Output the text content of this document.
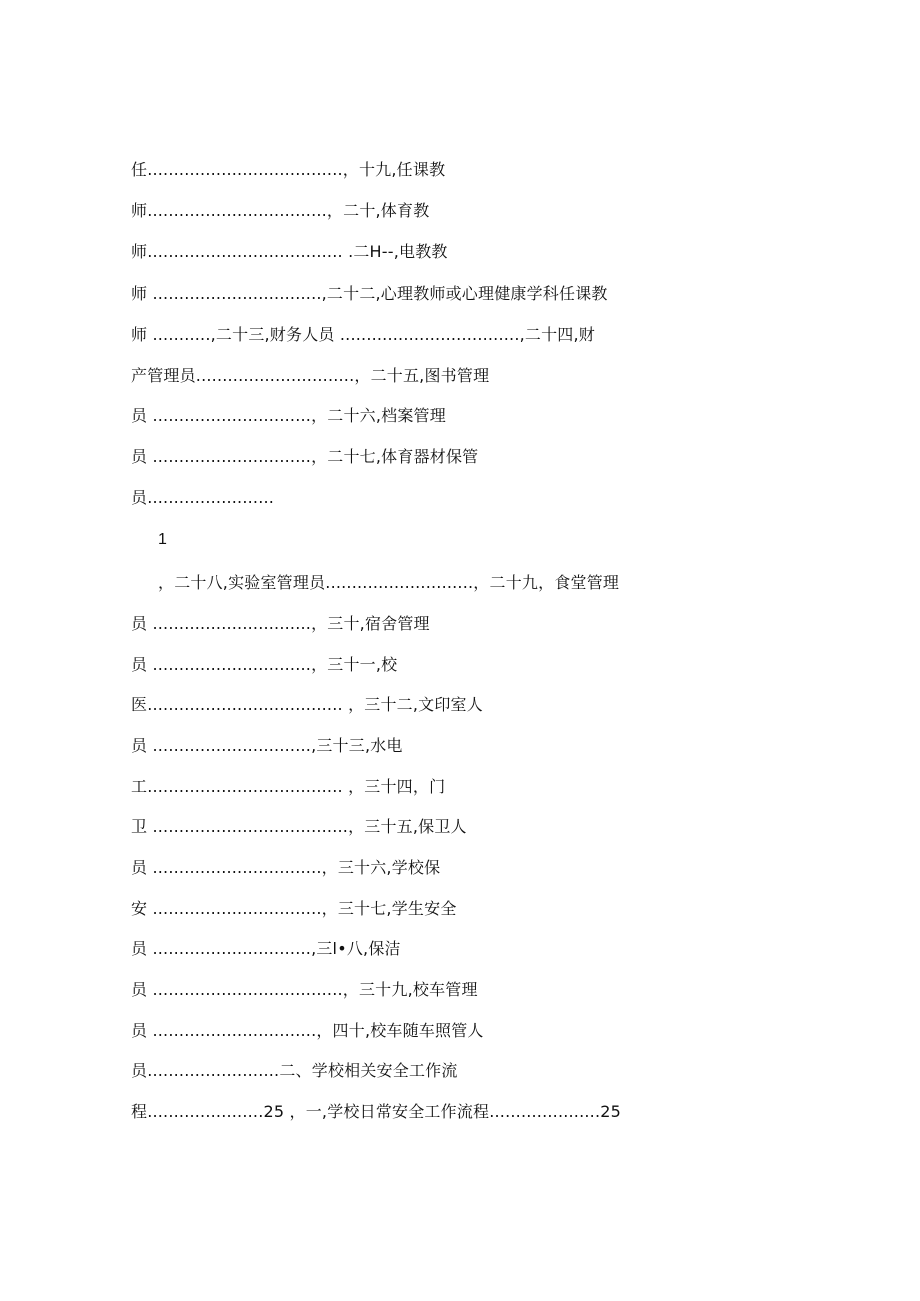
任.....................................，十九,任课教
师..................................，二十,体育教
师..................................... .二H--,电教教
师 ................................,二十二,心理教师或心理健康学科任课教
师 ...........,二十三,财务人员 ..................................,二十四,财
产管理员..............................，二十五,图书管理
员 ..............................，二十六,档案管理
员 ..............................，二十七,体育器材保管
员........................
1
，二十八,实验室管理员............................，二十九，食堂管理
员 ..............................，三十,宿舍管理
员 ..............................，三十一,校
医..................................... ，三十二,文印室人
员 ..............................,三十三,水电
工..................................... ，三十四，门
卫 .....................................，三十五,保卫人
员 ................................，三十六,学校保
安 ................................，三十七,学生安全
员 ..............................,三l•八,保洁
员 ....................................，三十九,校车管理
员 ...............................，四十,校车随车照管人
员.........................二、学校相关安全工作流
程......................25 ，一,学校日常安全工作流程.....................25
